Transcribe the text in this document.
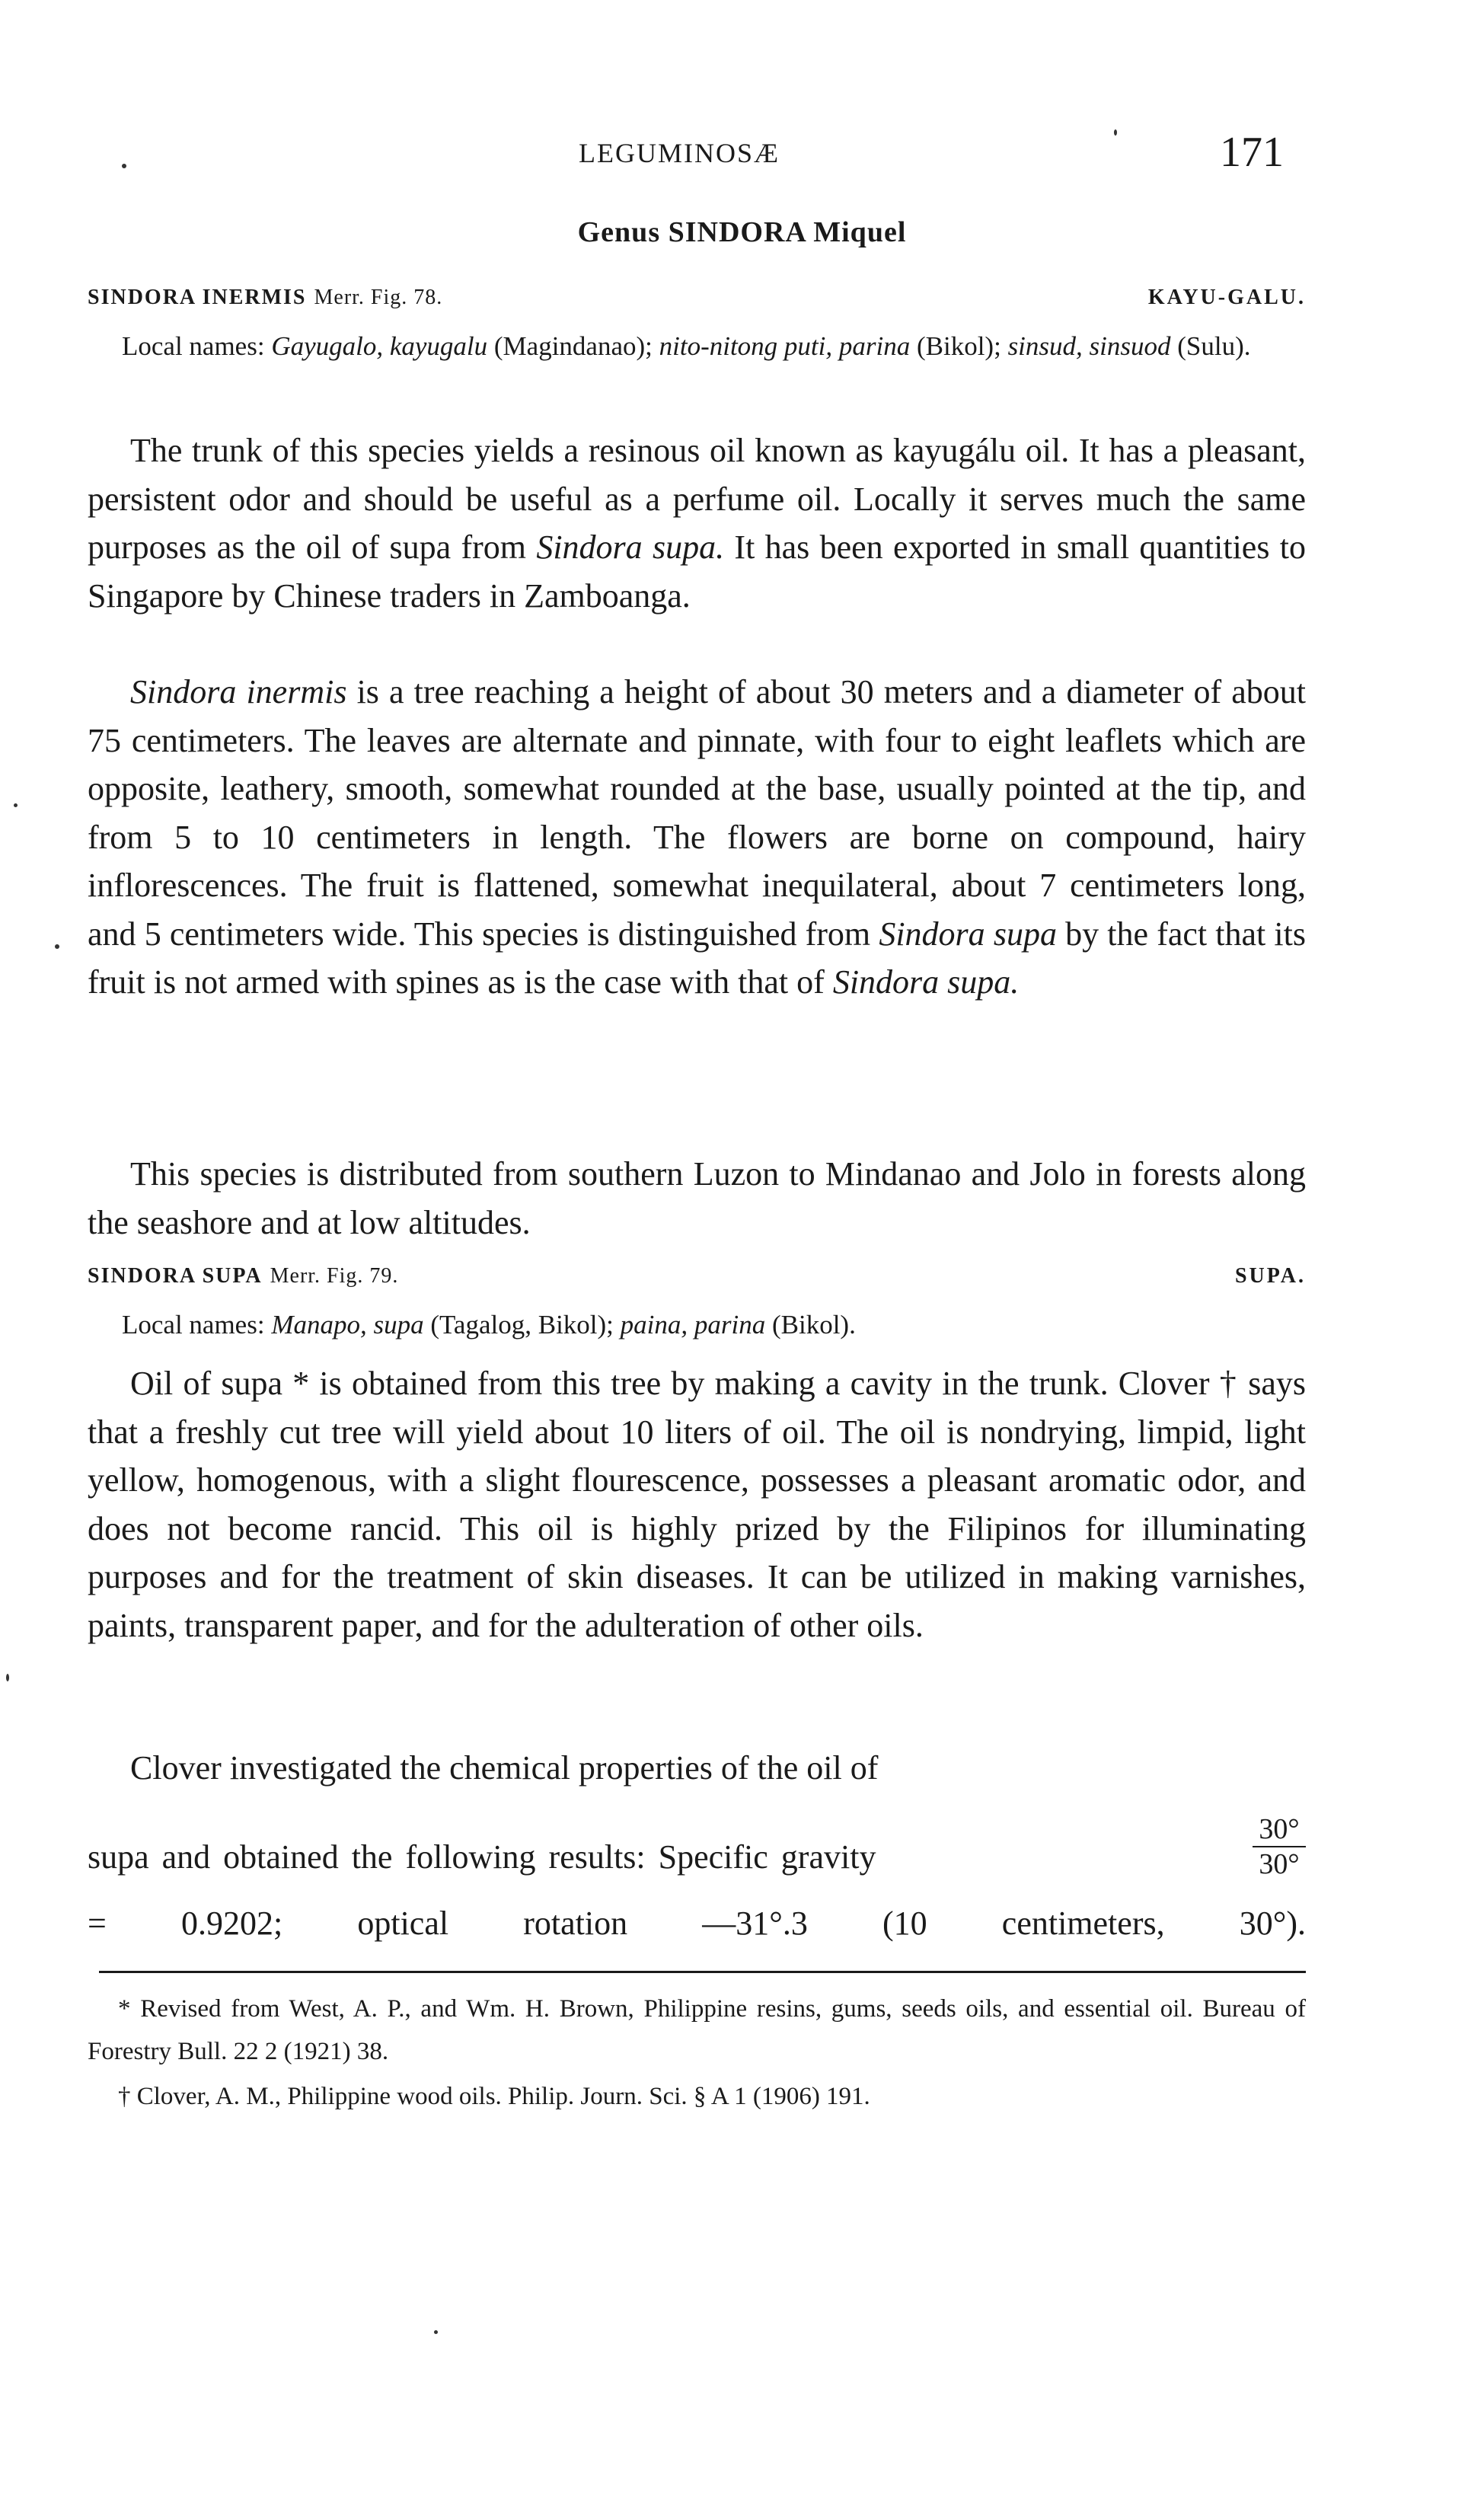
LEGUMINOSÆ	171
Genus SINDORA Miquel
SINDORA INERMIS Merr. Fig. 78.	KAYU-GALU.
Local names: Gayugalo, kayugalu (Magindanao); nito-nitong puti, parina (Bikol); sinsud, sinsuod (Sulu).

The trunk of this species yields a resinous oil known as kayugálu oil. It has a pleasant, persistent odor and should be useful as a perfume oil. Locally it serves much the same purposes as the oil of supa from Sindora supa. It has been exported in small quantities to Singapore by Chinese traders in Zamboanga.

Sindora inermis is a tree reaching a height of about 30 meters and a diameter of about 75 centimeters. The leaves are alternate and pinnate, with four to eight leaflets which are opposite, leathery, smooth, somewhat rounded at the base, usually pointed at the tip, and from 5 to 10 centimeters in length. The flowers are borne on compound, hairy inflorescences. The fruit is flattened, somewhat inequilateral, about 7 centimeters long, and 5 centimeters wide. This species is distinguished from Sindora supa by the fact that its fruit is not armed with spines as is the case with that of Sindora supa.

This species is distributed from southern Luzon to Mindanao and Jolo in forests along the seashore and at low altitudes.

SINDORA SUPA Merr. Fig. 79.	SUPA.
Local names: Manapo, supa (Tagalog, Bikol); paina, parina (Bikol).

Oil of supa * is obtained from this tree by making a cavity in the trunk. Clover † says that a freshly cut tree will yield about 10 liters of oil. The oil is nondrying, limpid, light yellow, homogenous, with a slight flourescence, possesses a pleasant aromatic odor, and does not become rancid. This oil is highly prized by the Filipinos for illuminating purposes and for the treatment of skin diseases. It can be utilized in making varnishes, paints, transparent paper, and for the adulteration of other oils.

Clover investigated the chemical properties of the oil of

supa and obtained the following results: Specific gravity	$\frac{30^\circ}{30^\circ}$
= 0.9202; optical rotation —31°.3 (10 centimeters, 30°).
* Revised from West, A. P., and Wm. H. Brown, Philippine resins, gums, seeds oils, and essential oil. Bureau of Forestry Bull. 22 2 (1921) 38.
† Clover, A. M., Philippine wood oils. Philip. Journ. Sci. § A 1 (1906) 191.
